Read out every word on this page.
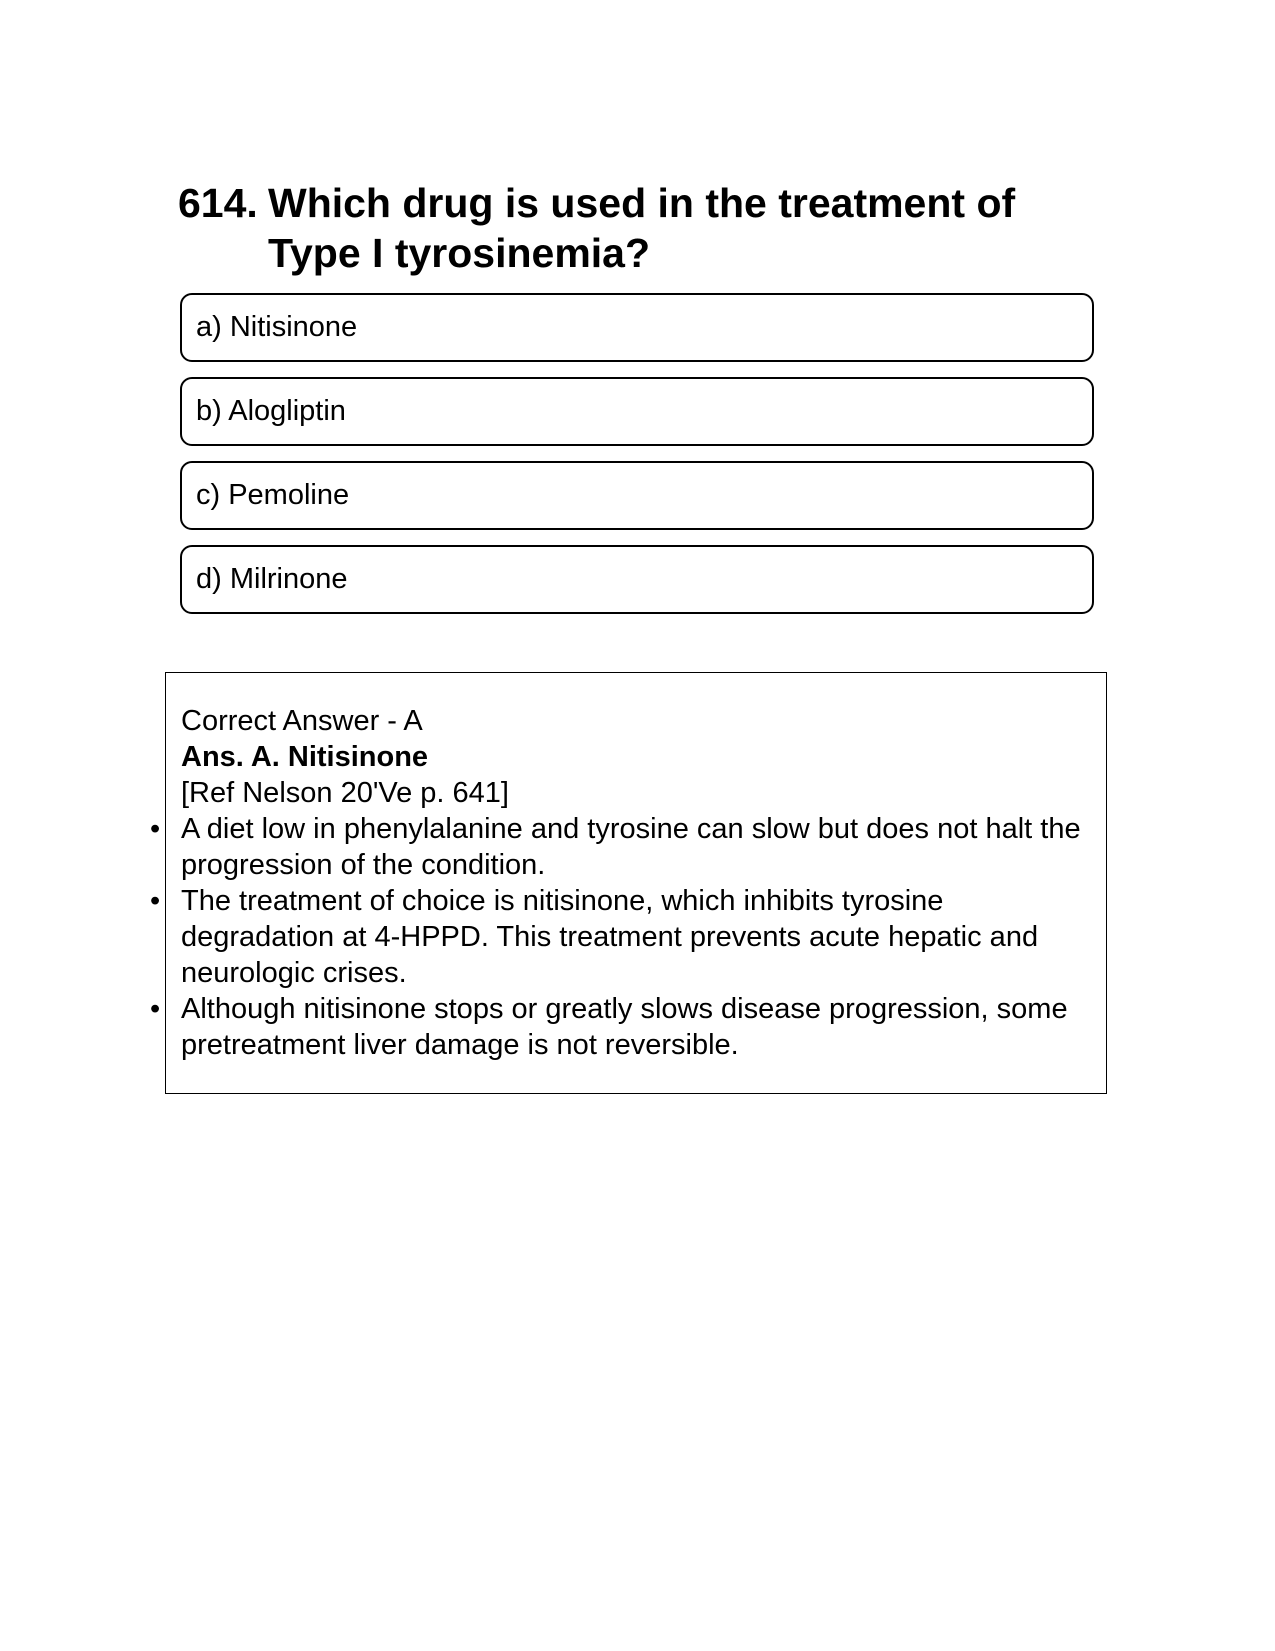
614. Which drug is used in the treatment of Type I tyrosinemia?
a) Nitisinone
b) Alogliptin
c) Pemoline
d) Milrinone
Correct Answer - A
Ans. A. Nitisinone
[Ref Nelson 20'Ve p. 641]
• A diet low in phenylalanine and tyrosine can slow but does not halt the progression of the condition.
• The treatment of choice is nitisinone, which inhibits tyrosine degradation at 4-HPPD. This treatment prevents acute hepatic and neurologic crises.
• Although nitisinone stops or greatly slows disease progression, some pretreatment liver damage is not reversible.
